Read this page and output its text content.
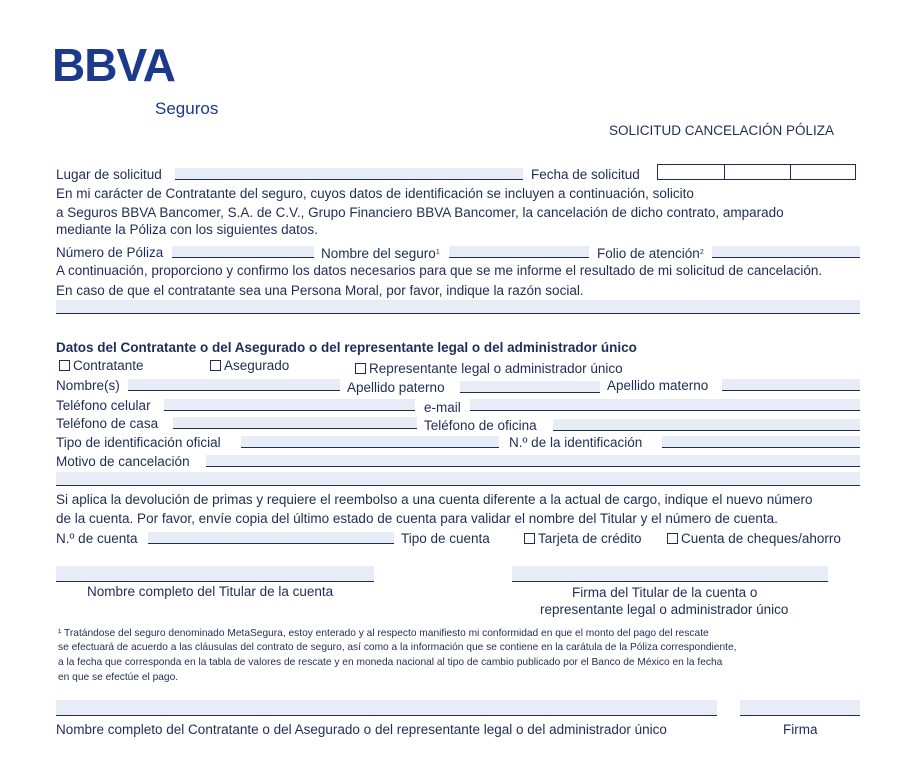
BBVA
Seguros
SOLICITUD CANCELACIÓN PÓLIZA
Lugar de solicitud	Fecha de solicitud
En mi carácter de Contratante del seguro, cuyos datos de identificación se incluyen a continuación, solicito
a Seguros BBVA Bancomer, S.A. de C.V., Grupo Financiero BBVA Bancomer, la cancelación de dicho contrato, amparado
mediante la Póliza con los siguientes datos.
Número de Póliza	Nombre del seguro$^1$	Folio de atención$^2$
A continuación, proporciono y confirmo los datos necesarios para que se me informe el resultado de mi solicitud de cancelación.
En caso de que el contratante sea una Persona Moral, por favor, indique la razón social.
Datos del Contratante o del Asegurado o del representante legal o del administrador único
Contratante	Asegurado	Representante legal o administrador único
Nombre(s)	Apellido paterno	Apellido materno
Teléfono celular	e-mail
Teléfono de casa	Teléfono de oficina
Tipo de identificación oficial	N.º de la identificación
Motivo de cancelación
Si aplica la devolución de primas y requiere el reembolso a una cuenta diferente a la actual de cargo, indique el nuevo número
de la cuenta. Por favor, envíe copia del último estado de cuenta para validar el nombre del Titular y el número de cuenta.
N.º de cuenta	Tipo de cuenta	Tarjeta de crédito	Cuenta de cheques/ahorro
Nombre completo del Titular de la cuenta	Firma del Titular de la cuenta o
representante legal o administrador único
¹ Tratándose del seguro denominado MetaSegura, estoy enterado y al respecto manifiesto mi conformidad en que el monto del pago del rescate
se efectuará de acuerdo a las cláusulas del contrato de seguro, así como a la información que se contiene en la carátula de la Póliza correspondiente,
a la fecha que corresponda en la tabla de valores de rescate y en moneda nacional al tipo de cambio publicado por el Banco de México en la fecha
en que se efectúe el pago.
Nombre completo del Contratante o del Asegurado o del representante legal o del administrador único	Firma
